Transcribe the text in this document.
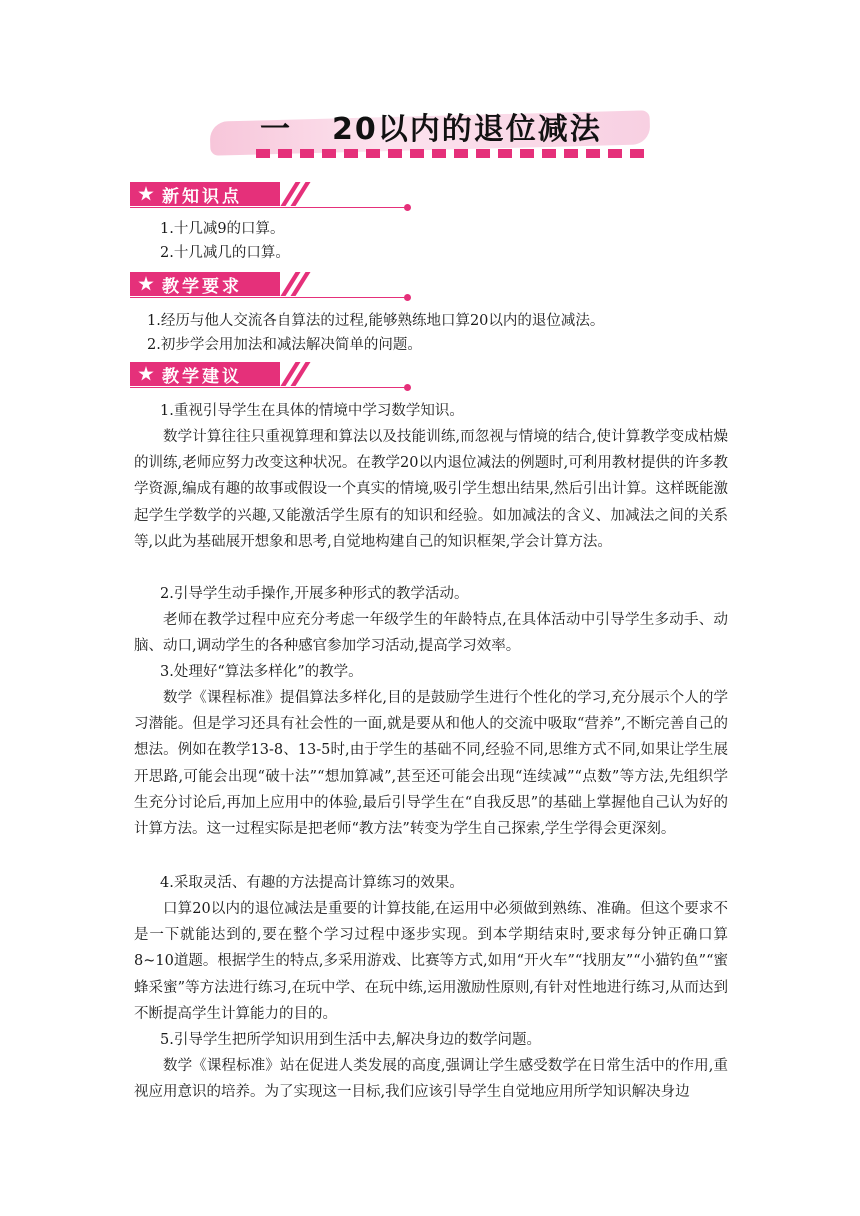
一 20以内的退位减法
新知识点
1.十几减9的口算。
2.十几减几的口算。
教学要求
1.经历与他人交流各自算法的过程,能够熟练地口算20以内的退位减法。
2.初步学会用加法和减法解决简单的问题。
教学建议
1.重视引导学生在具体的情境中学习数学知识。
数学计算往往只重视算理和算法以及技能训练,而忽视与情境的结合,使计算教学变成枯燥的训练,老师应努力改变这种状况。在教学20以内退位减法的例题时,可利用教材提供的许多教学资源,编成有趣的故事或假设一个真实的情境,吸引学生想出结果,然后引出计算。这样既能激起学生学数学的兴趣,又能激活学生原有的知识和经验。如加减法的含义、加减法之间的关系等,以此为基础展开想象和思考,自觉地构建自己的知识框架,学会计算方法。
2.引导学生动手操作,开展多种形式的教学活动。
老师在教学过程中应充分考虑一年级学生的年龄特点,在具体活动中引导学生多动手、动脑、动口,调动学生的各种感官参加学习活动,提高学习效率。
3.处理好“算法多样化”的教学。
数学《课程标准》提倡算法多样化,目的是鼓励学生进行个性化的学习,充分展示个人的学习潜能。但是学习还具有社会性的一面,就是要从和他人的交流中吸取“营养”,不断完善自己的想法。例如在教学13-8、13-5时,由于学生的基础不同,经验不同,思维方式不同,如果让学生展开思路,可能会出现“破十法”“想加算减”,甚至还可能会出现“连续减”“点数”等方法,先组织学生充分讨论后,再加上应用中的体验,最后引导学生在“自我反思”的基础上掌握他自己认为好的计算方法。这一过程实际是把老师“教方法”转变为学生自己探索,学生学得会更深刻。
4.采取灵活、有趣的方法提高计算练习的效果。
口算20以内的退位减法是重要的计算技能,在运用中必须做到熟练、准确。但这个要求不是一下就能达到的,要在整个学习过程中逐步实现。到本学期结束时,要求每分钟正确口算8~10道题。根据学生的特点,多采用游戏、比赛等方式,如用“开火车”“找朋友”“小猫钓鱼”“蜜蜂采蜜”等方法进行练习,在玩中学、在玩中练,运用激励性原则,有针对性地进行练习,从而达到不断提高学生计算能力的目的。
5.引导学生把所学知识用到生活中去,解决身边的数学问题。
数学《课程标准》站在促进人类发展的高度,强调让学生感受数学在日常生活中的作用,重视应用意识的培养。为了实现这一目标,我们应该引导学生自觉地应用所学知识解决身边
